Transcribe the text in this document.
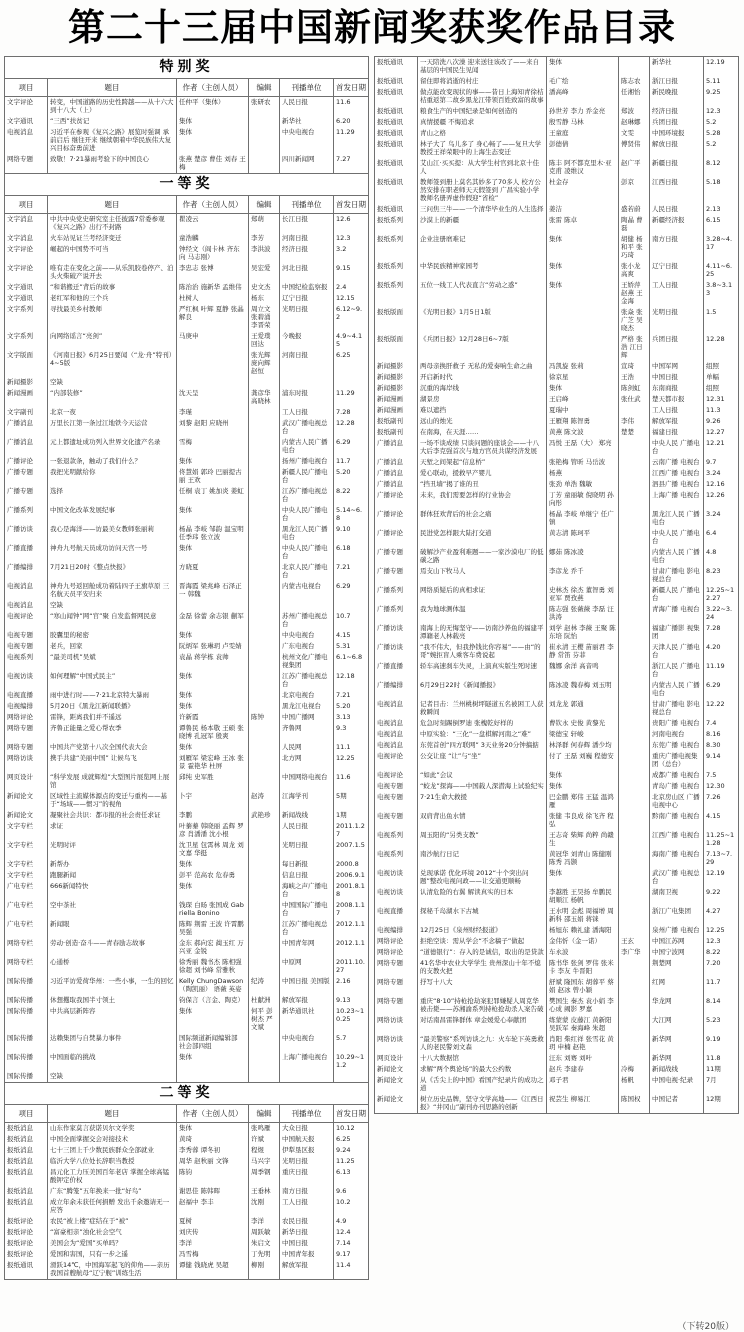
第二十三届中国新闻奖获奖作品目录
特别奖					
项目	题目	作者（主创人员）	编辑	刊播单位	首发日期
文字评论	转变，中国道路的历史性跨越——从十六大到十八大（上）	任仲平（集体）	张研农	人民日报	11.6
文字通讯	“三西”扶贫记	集体		新华社	6.20
电视消息	习近平在参观《复兴之路》展览时强调 承前启后 继往开来 继续朝着中华民族伟大复兴目标奋勇前进	集体		中央电视台	11.29
网络专题	致敬！7·21暴雨考验下的中国良心	张燕 楚彦 曹佳 刘春 王梅		四川新闻网	7.27
一等奖					
项目	题目	作者（主创人员）	编辑	刊播单位	首发日期
文字消息	中共中央党史研究室主任披露7常委参观《复兴之路》出行不封路	瞿凌云	郑萌	长江日报	12.6
文字消息	火车站见证兰考经济变迁	童浩麟	李芳	河南日报	12.3
文字评论	崛起的中国势不可当	钟经文（阎卡林 齐东向 马志刚）	李洪波	经济日报	3.2
文字评论	唯有走在变化之前——从乐凯胶卷停产、泊头火柴破产说开去	李忠志 张博	吴宏爱	河北日报	9.15
文字通讯	“和谐搬迁”背后的故事	陈治治 施新华 孟维伟	史文杰	中国纪检监察报	2.4
文字通讯	老红军和他的三个兵	杜树人	杨东	辽宁日报	12.15
文字系列	寻找最美乡村教师	严红枫 叶辉 夏静 张晶 解良	周立文 张碧涌 李晋荣	光明日报	6.12~9.2
文字系列	向网络谣言“亮剑”	马庚申	王爱璞 回达	今晚报	4.9~4.15
文字版面	《河南日报》6月25日要闻（“龙·舟”特刊）4~5版		张光辉 庞向辉 赵恒	河南日报	6.25
新闻摄影	空缺				
新闻漫画	“内部装修”	沈天呈	龚彦华 高晓林	浦东时报	11.29
文字副刊	北京一夜	李瑾		工人日报	7.28
广播消息	万里长江第一条过江地铁今天运营	刘黎 赵阳 应晓州		武汉广播电视总台	12.28
广播消息	元上都遗址成功列入世界文化遗产名录	雪梅		内蒙古人民广播电台	6.29
广播评论	一张退款条，触动了我们什么？	集体		扬州广播电视台	11.7
广播专题	我把光明献给你	佟慧娟 郭玲 巴丽提古丽 王欢		新疆人民广播电台	5.20
广播专题	选择	任桐 袁丁 姚加炎 姜虹		江苏广播电视总台	8.22
广播系列	中国文化改革发展纪事	集体		中央人民广播电台	5.14~6.8
广播访谈	我心是海洋——访最美女教师张丽莉	杨晶 李岐 邹韵 温宝明 任季玮 张立波		黑龙江人民广播电台	9.10
广播直播	神舟九号航天员成功访问天宫一号	集体		中央人民广播电台	6.18
广播编排	7月21日20时《整点快报》	方晓夏		北京人民广播电台	7.21
电视消息	神舟九号返回舱成功着陆四子王旗草原 三名航天员平安归来	晋海霞 梁兆峰 石泽正一 韩魏		内蒙古电视台	6.29
电视消息	空缺				
电视评论	“寒山闻钟”网“官”聚 自发监督网民意	金磊 徐蕾 余志银 蒯军		苏州广播电视总台	10.7
电视专题	胶囊里的秘密	集体		中央电视台	4.15
电视专题	老兵，回家	阮炳军 张琳玥 卢雯婧		广东电视台	5.31
电视系列	“最美司机”吴斌	袁晶 蒋学栋 袁帅		杭州文化广播电视集团	6.1~6.8
电视访谈	如何理解“中国式民主”	集体		江苏广播电视总台	12.18
电视直播	雨中进行时——7·21北京特大暴雨	集体		北京电视台	7.21
电视编排	5月20日《黑龙江新闻联播》	集体		黑龙江电视台	5.20
网络评论	雷锋，距离我们并不遥远	许新霞	陈钟	中国广播网	3.13
网络专题	齐鲁正能量之爱心帮农季	谭鲁民 杨本敬 王硕 张晓博 孔冠军 殷爽		齐鲁网	9.3
网络专题	中国共产党第十八次全国代表大会	集体		人民网	11.1
网络访谈	携手共建“美丽中国” 让候鸟飞	刘雁军 梁宏峰 王冰 张景 霍艳华 杜屏		北方网	12.25
网页设计	“科学发展 成就辉煌”大型图片展览网上展馆	邱纯 史军胜		中国网络电视台	11.6
新闻论文	区域性主流媒体源点的变迁与重构——基于“场域——惯习”的视角	卜宇	赵涛	江海学刊	5期
新闻论文	凝聚社会共识：都市报的社会责任求证	李鹏	武艳珍	新闻战线	1期
文字专栏	求证	叶蓁蓁 韩晓丽 孟辉 罗彦 肖潘潘 沈小根		人民日报	2011.1.27
文字专栏	光明时评	沈卫星 包霄林 周龙 刘文嘉 华挺		光明日报	2007.1.5
文字专栏	新帮办	集体		每日新报	2000.8
文字专栏	跑腿新闻	彭平 范高农 危春勇		信息日报	2006.9.1
广电专栏	666新闻特快	集体		海峡之声广播电台	2001.8.18
广电专栏	空中茶社	钱琛 白旸 张国成 Gabriella Bonino		中国国际广播电台	2008.1.17
广电专栏	新闻眼	陈辉 荆雷 王波 许霄鹏 吴强		江苏广播电视总台	2012.1.1
网络专栏	劳动·创造·奋斗——青春励志故事	金东 郝向宏 蔺玉红 万兴亚 金锐		中国青年网	2012.1.1
网络专栏	心通桥	徐秀丽 魏书杰 陈相强 徐超 刘书峰 常雅秋		中原网	2011.10.27
国际传播	习近平访爱荷华州：一些小事，一生的回忆	Kelly ChungDawson（陶凯丽） 语薇 英姿	纪涛	中国日报 美国版	2.16
国际传播	休想攫取我国半寸领土	钧保言（言金、陶克）	杜献洲	解放军报	9.13
国际传播	中共高层新阵容	集体	何平 彭树杰 严文斌	新华通讯社	10.23~10.25
国际传播	达赖集团与自焚暴力事件	国际频道新闻编辑部 社会部四组		中央电视台	5.7
国际传播	中国面临的挑战	集体		上海广播电视台	10.29~11.2
国际传播	空缺				
二等奖					
项目	题目	作者（主创人员）	编辑	刊播单位	首发日期
报纸消息	山东作家莫言获诺贝尔文学奖	集体	张鸣雁	大众日报	10.12
报纸消息	中国全面掌握交会对接技术	黄琦	许斌	中国航天报	6.25
报纸消息	七十三团上千少数民族群众全部就业	李秀蓉 谭冬初	程煜	伊犁垦区报	9.24
报纸消息	临沂大学八位处长辞职当教授	周华 赵秋丽 文锋	马兴宇	光明日报	11.25
报纸消息	昌元化工力压美国百年老店 掌握全球高锰酸钾定价权	陈钧	周季钢	重庆日报	6.13
报纸消息	广东“腾笼”五年换来一批“好鸟”	谢思佳 陈韩晖	王垂林	南方日报	9.6
报纸消息	成立年余未获任何捐赠 发出千余邀请无一应答	赵福中 李丰	沈刚	工人日报	10.2
报纸评论	农民“被上楼”症结在于“被”	夏树	李洋	农民日报	4.9
报纸评论	“富豪相亲”浊化社会空气	刘庆传	周跃敏	新华日报	12.4
报纸评论	美国会为“爱国”买单吗？	李洋	朱启文	中国日报	7.14
报纸评论	爱国和害国，只有一步之遥	冯雪梅	丁先明	中国青年报	9.17
报纸通讯	滑跃14℃，中国海军起飞的仰角——亲历我国首艘航母“辽宁舰”训练生活	谭健 钱晓虎 吴超	柳刚	解放军报	11.4
报纸通讯	一天陪洗八次澡 迎来送往该改了——来自基层的中国民生见闻	集体		新华社	12.19
报纸通讯	留住即将消逝的村庄	毛广绘	陈志农	浙江日报	5.11
报纸通讯	做点能改变现状的事——昔日上海知青徐桔桔重返第二故乡黑龙江带领百姓致富的故事	潘高峰	任湘怡	新民晚报	9.25
报纸通讯	粮食生产的中国纪录是如何创造的	孙世芳 李力 乔金亮	郑波	经济日报	12.3
报纸通讯	真情援疆 不悔追求	殷雪静 马林	赵琳娜	兵团日报	5.2
报纸通讯	青山之格	王童庭	文雯	中国环境报	5.28
报纸通讯	林子大了 鸟儿多了 身心畅了——复旦大学教授王祥荣眼中的上海生态变迁	彭德倩	傅贤伟	解放日报	5.2
报纸通讯	艾山江·买买提：从大学生村官到北京十佳人	陈丰 阿不都克里木·亚克甫 凌维汉	赵广平	新疆日报	8.12
报纸通讯	教师签到册上莫名其妙多了70多人 校方公然安排在职老师天天假签到 广昌实验小学教师名册弄虚作假迎“省检”	杜金存	彭京	江西日报	5.18
报纸通讯	三问焦三牛——一个清华毕业生的人生选择	姜洁	盛若蔚	人民日报	2.13
报纸系列	沙漠上的新疆	张雷 陈卓	陶晶 曹磊	新疆经济报	6.15
报纸系列	企业注册磨难记	集体	胡健 杨和平 张巧琦	南方日报	3.28~4.17
报纸系列	中华民族精神家园考	集体	张小龙 高爽	辽宁日报	4.11~6.25
报纸系列	五位一线工人代表直言“劳动之惑”	集体	王娇萍 赵燕 王金海	工人日报	3.8~3.13
报纸版面	《光明日报》1月5日1版		张焱 张广芝 吴晓杰	光明日报	1.5
报纸版面	《兵团日报》12月28日6~7版		严格 张浩 江日辉	兵团日报	12.28
新闻摄影	两母亲换肝救子 无私的爱奏响生命之曲	冯凯旋 张莉	宣琦	中国军网	组照
新闻摄影	开启新时代	徐京星	王浩	中国日报	单幅
新闻摄影	沉重的海岸线	集体	陈剑虹	东南商报	组照
新闻漫画	湖景房	王启峰	张仕武	楚天都市报	12.31
新闻漫画	难以遮挡	夏瑞中		工人日报	11.3
报纸副刊	远山的烛光	王雁翔 陈智勇	李伟	解放军报	9.26
报纸副刊	在南海，在天涯……	黄燕 陈文波	楚楚	福建日报	12.27
广播消息	一场不谈成绩 只谈问题的座谈会——十八大后李克强首次与地方官员共谋经济发展	冯悦 王磊（大） 郑亮		中央人民 广播电台	12.21
广播消息	天堑之间架起“信息桥”	张艳梅 管昕 马岳波		云南广播 电视台	9.7
广播消息	爱心联动，援救早产婴儿	杨燕		江西广播 电视台	3.24
广播消息	“挡丑墙”揭了谁的丑	张劲 单浩 魏敏		泗县广播 电视台	12.16
广播评论	未来，我们需要怎样的行业协会	丁芳 童丽敏 倪晓明 孙向彤		上海广播 电视台	12.26
广播评论	群体狂欢背后的社会之痛	杨晶 李岐 单继宁 任广镇		黑龙江人民 广播电台	3.24
广播评论	民进党怎样跟大陆打交道	黄志清 陈珂平		中央人民 广播电台	6.4
广播专题	破解沙产业盈利难题——一家沙漠电厂的低碳之路	娜茹 陈冰凌		内蒙古人民 广播电台	4.8
广播专题	焉支山下牧马人	李彦龙 乔千		甘肃广播电 影电视总台	8.23
广播系列	网络质疑后的真相求证	史林杰 徐杰 董智勇 刘亚军 贾孜燕		新疆人民 广播电台	12.25~12.27
广播系列	我为地球测体温	陈志强 张薇薇 李磊 汪洪涛		青海广播 电视台	3.22~3.24
广播访谈	南海上的无悔坚守——访南沙养鱼的福建平潭籍老人林载亮	刘学 赵林 李薇 王聚 陈东培 阮怡		福建广播影 视集团	7.28
广播访谈	“我不伟大，但我挣钱比你容易”——由“的哥”婉拒盲人乘客车费说起	崔永清 王樱 苗丽君 李静 常笛 芬菲		天津人民 广播电台	4.20
广播直播	轿车高速刹车失灵，上演真实版生死时速	魏娜 余洋 高音鸣		浙江人民 广播电台	11.19
广播编排	6月29日22时《新闻播报》	陈冰凌 魏春梅 刘玉明		内蒙古人民 广播电台	6.29
电视消息	记者目击：兰州桃树坪隧道五名被困工人获救瞬间	刘龙龙 郭通		甘肃广播电 影电视总台	12.22
电视消息	危急时刻踢倒罗迪 张槐乾好样的	曹钦永 史俊 黄黎光		贵阳广播 电视台	7.4
电视消息	中原实验：“三化”一盘棋解河南之“难”	梁德宝 轩峻		河南电视台	8.16
电视消息	东莞首创“四方联网” 3天业务20分钟搞掂	林泽群 何春辉 潘少均		东莞广播 电视台	8.30
电视评论	公交让座 “让”与“坐”	付了 王磊 刘巍 程德安		重庆广播电视集团（总台）	9.14
电视评论	“如此”会议	集体		成都广播 电视台	7.5
电视专题	“蛟龙”探海——中国载人深潜海上试验纪实	集体		青岛广播 电视台	12.30
电视专题	7·21生命大救援	巴金鹏 郑伟 王猛 温鸿雁		北京房山区 广播电视中心	7.26
电视专题	双肩背出鱼水情	张健 韦良成 徐飞齐 程弘		黔南广播 电视台	4.15
电视系列	周玉阳的“另类支教”	王志奇 柴辉 尚粹 尚赣生		江西广播 电视台	11.25~11.28
电视系列	南沙航行日记	黄冠华 刘青山 陈健刚 陈秀 冯颢		海南广播 电视台	7.13~7.29
电视访谈	兑现承诺 优化环境 2012“十个突出问题”整改电视问政——让交通更顺畅	集体		武汉广播 电视总台	12.19
电视访谈	认清危险的右翼 解读真实的日本	李越胜 王昊扬 牟鹏民 胡顺江 杨帆		湖南卫视	9.22
电视直播	探秘千岛湖水下古城	王水明 金彪 周福增 周新科 邵玉娟 蒋铼		浙江广电集团	4.27
电视编排	12月25日《泉州财经报道》	杨旭东 赖礼建 潘海阳		泉州广播 电视台	12.25
网络评论	拒绝空谈：需从学会“不念稿子”做起	金伟忻（金一诺）	王玄	中国江苏网	12.3
网络评论	“道德银行”：存入的是诚信，取出的是贷款	车永波	李广华	中国宁波网	8.22
网络专题	41名华中农业大学学生 贵州深山十年不熄的支教火把	陈书华 张剑 罗伟 张米卡 李友 牛晋阳		荆楚网	7.20
网络专题	抒写十八大	舒斌 隆国东 胡蓉平 蔡娟 赵冰 曾小颖		红网	11.7
网络专题	重庆“8·10”持枪抢劫案犯罪嫌疑人周克华被击毙——苏湘渝系列持枪抢劫杀人案告破	樊国生 秦杰 袁小娟 李心成 阙影 罗嘉		华龙网	8.14
网络访谈	对话南昌雷锋群体 章金媛爱心奉献团	练蒙蒙 皮藤江 黄新阳 吴跃军 秦海峰 朱超		大江网	5.23
网络访谈	“最美警察”系列访谈之九：火车轮下英勇救人的老民警刘文森	肖阳 柴红祥 张雪花 黄玥 申楠 赵艳		新华网	9.19
网页设计	十八大数据馆	汪东 刘赛 刘叶		新华网	11.8
新闻论文	求解“两个舆论场”的最大公约数	赵兵 李建春	冷梅	新闻战线	11期
新闻论文	从《舌尖上的中国》看国产纪录片的成功之道	邓子君	杨帆	中国电视·纪录	7月
新闻论文	树立历史品牌，坚守文学高地——《江西日报》“井冈山”副刊办刊思路的创新	祝芸生 柳易江	陈国权	中国记者	12期
（下转20版）
